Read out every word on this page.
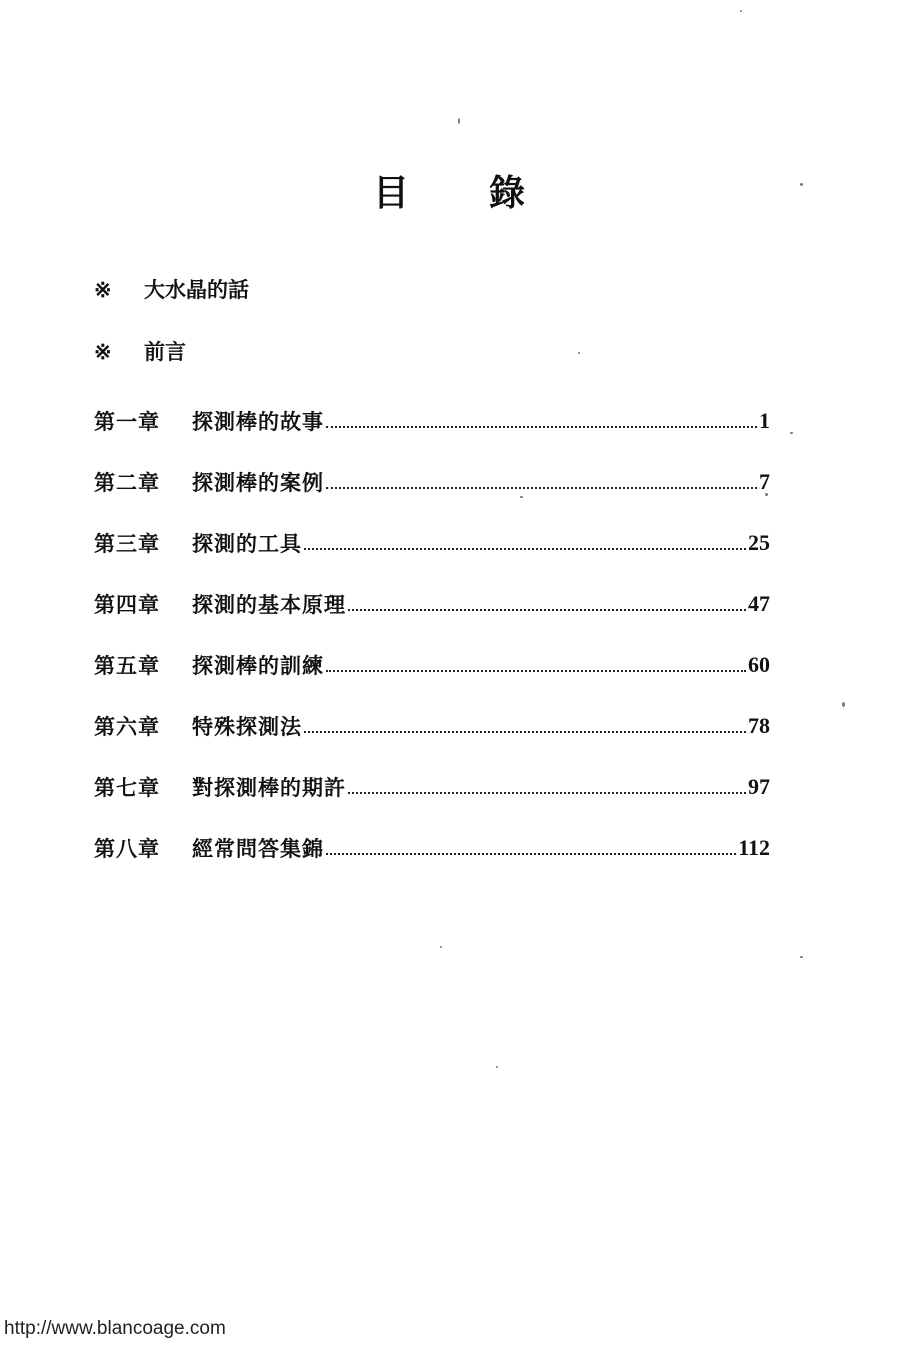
目 錄
※	大水晶的話
※	前言
第一章	探測棒的故事	1
第二章	探測棒的案例	7
第三章	探測的工具	25
第四章	探測的基本原理	47
第五章	探測棒的訓練	60
第六章	特殊探測法	78
第七章	對探測棒的期許	97
第八章	經常問答集錦	112
http://www.blancoage.com
